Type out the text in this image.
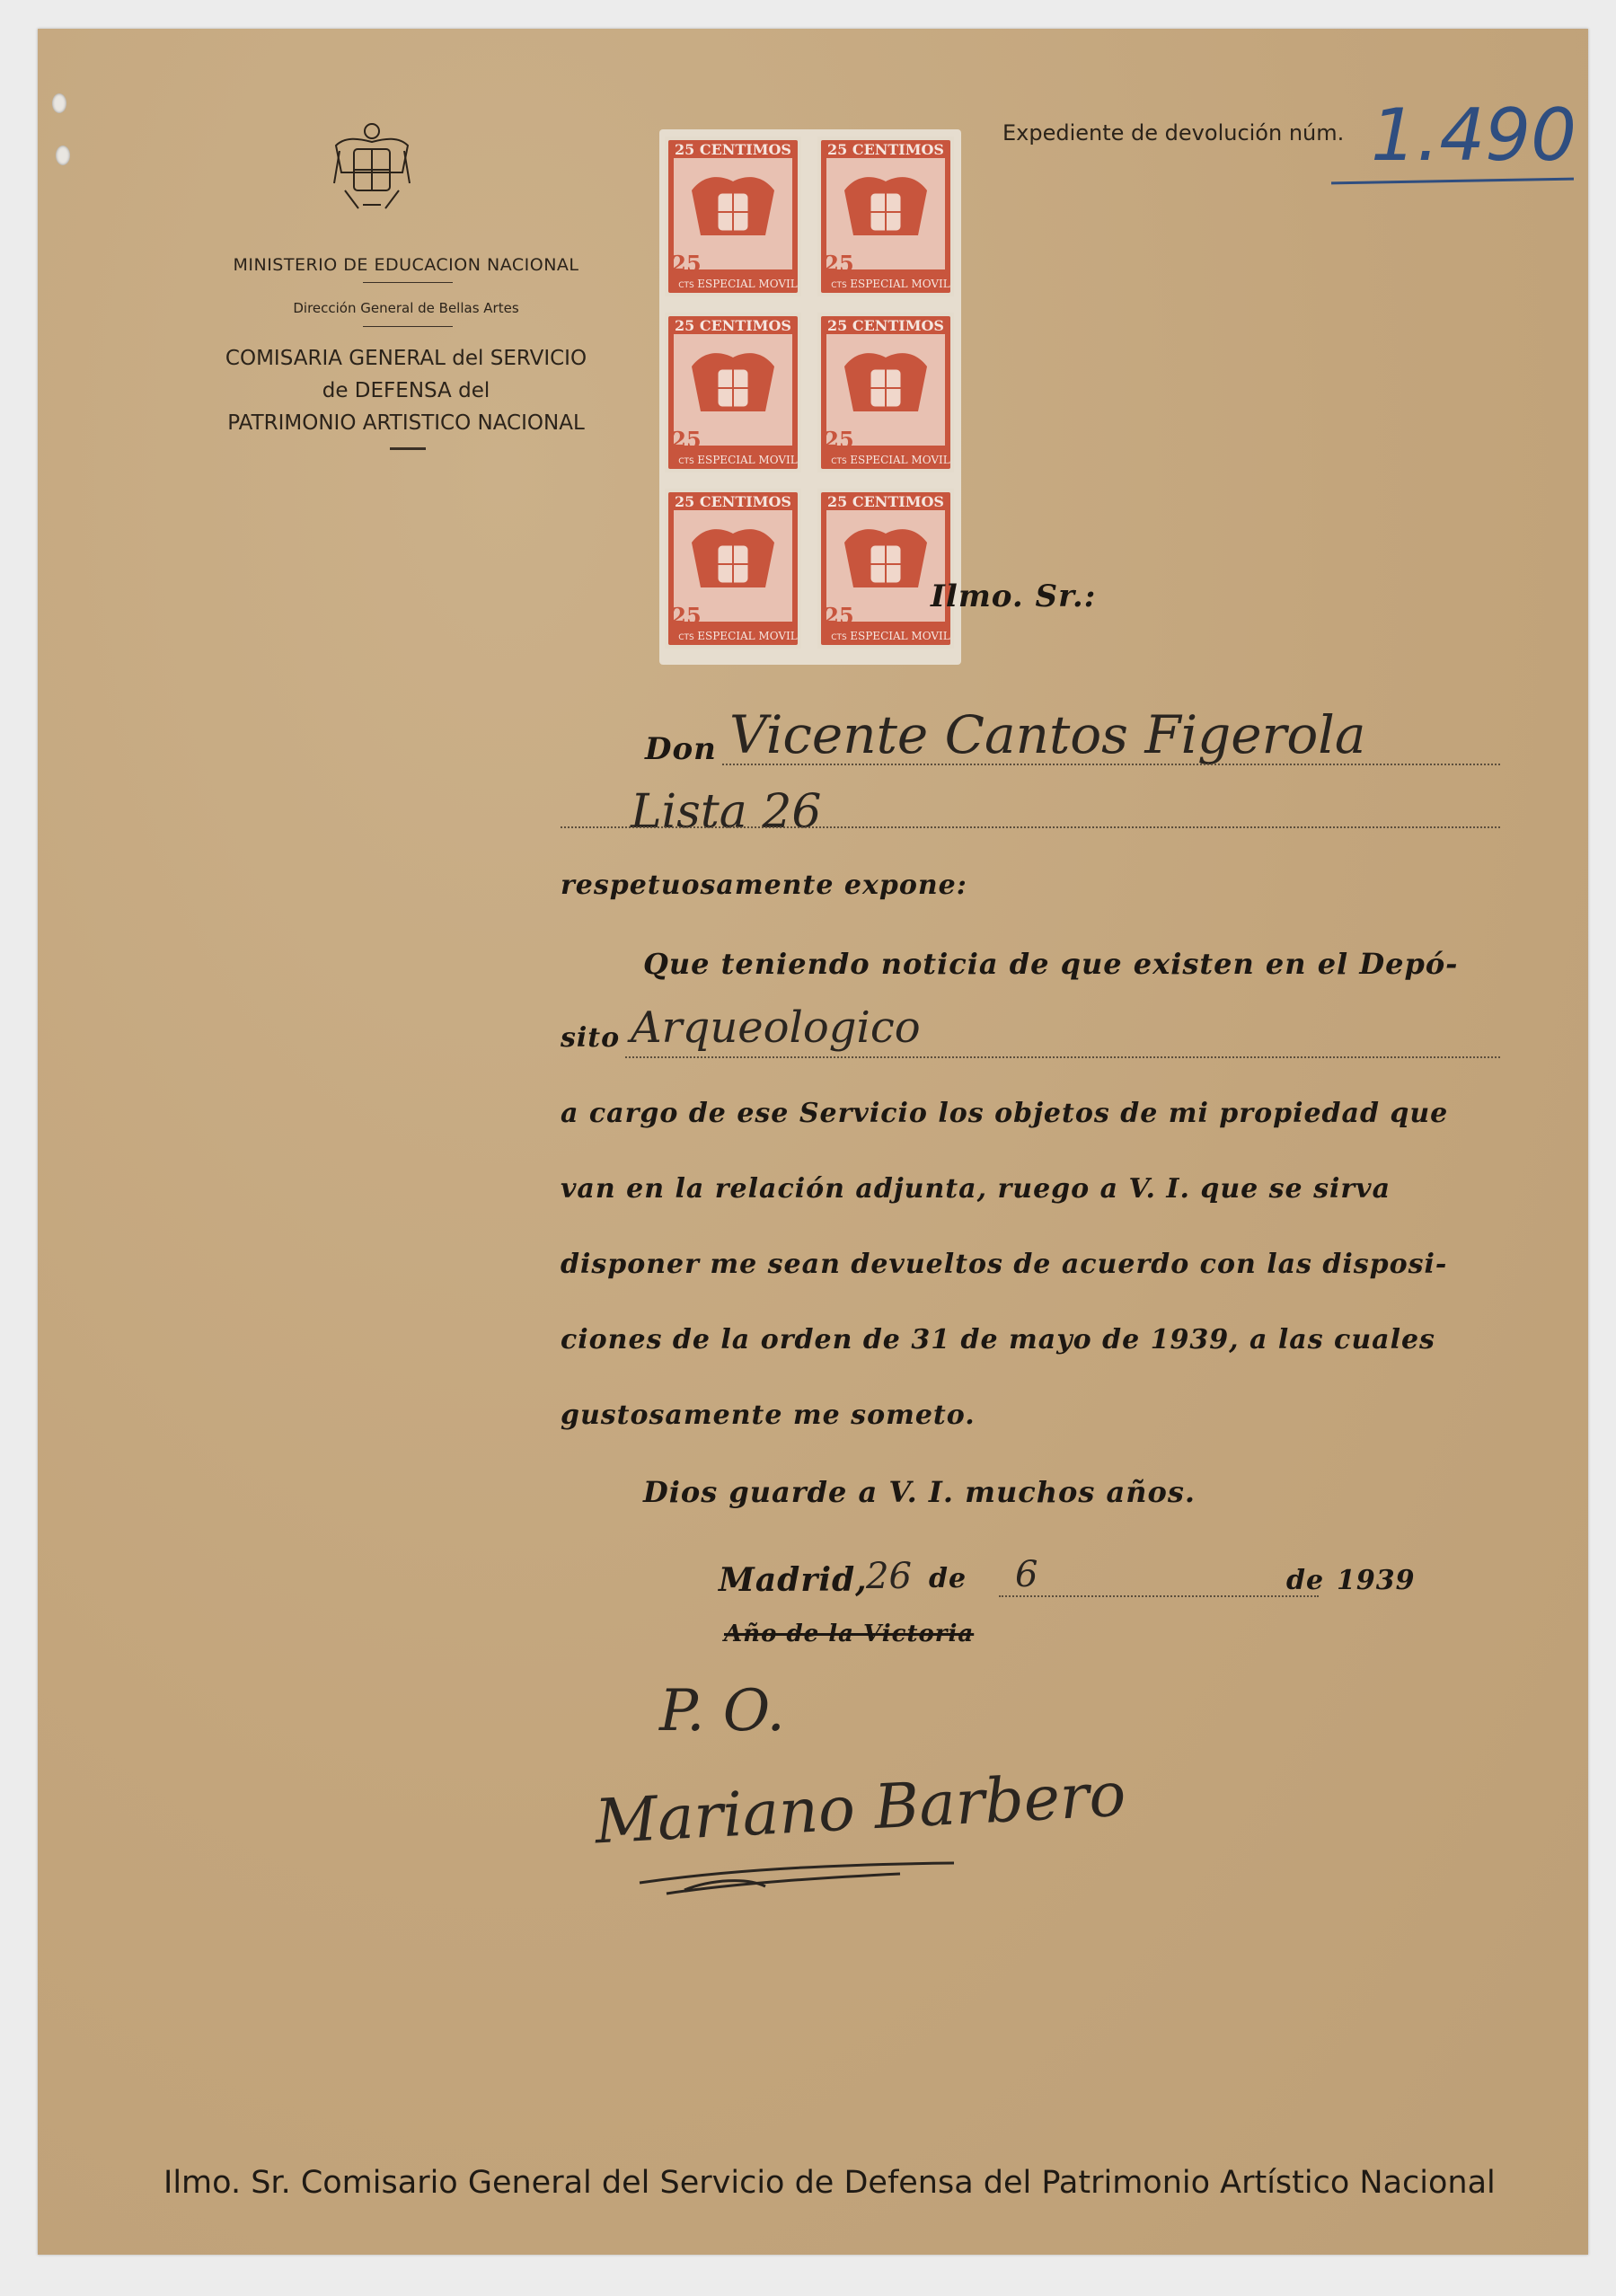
MINISTERIO DE EDUCACION NACIONAL
Dirección General de Bellas Artes
COMISARIA GENERAL del SERVICIO
de DEFENSA del
PATRIMONIO ARTISTICO NACIONAL
25 CENTIMOS
25
CTS ESPECIAL MOVIL
25 CENTIMOS
25
CTS ESPECIAL MOVIL
25 CENTIMOS
25
CTS ESPECIAL MOVIL
25 CENTIMOS
25
CTS ESPECIAL MOVIL
25 CENTIMOS
25
CTS ESPECIAL MOVIL
25 CENTIMOS
25
CTS ESPECIAL MOVIL
Expediente de devolución núm. 1.490
Ilmo. Sr.:
Don Vicente Cantos Figerola
Lista 26
respetuosamente expone:
Que teniendo noticia de que existen en el Depó-
sito Arqueologico
a cargo de ese Servicio los objetos de mi propiedad que
van en la relación adjunta, ruego a V. I. que se sirva
disponer me sean devueltos de acuerdo con las disposi-
ciones de la orden de 31 de mayo de 1939, a las cuales
gustosamente me someto.
Dios guarde a V. I. muchos años.
Madrid,
26 de 6	de 1939
Año de la Victoria
P. O.
Mariano Barbero
Ilmo. Sr. Comisario General del Servicio de Defensa del Patrimonio Artístico Nacional
